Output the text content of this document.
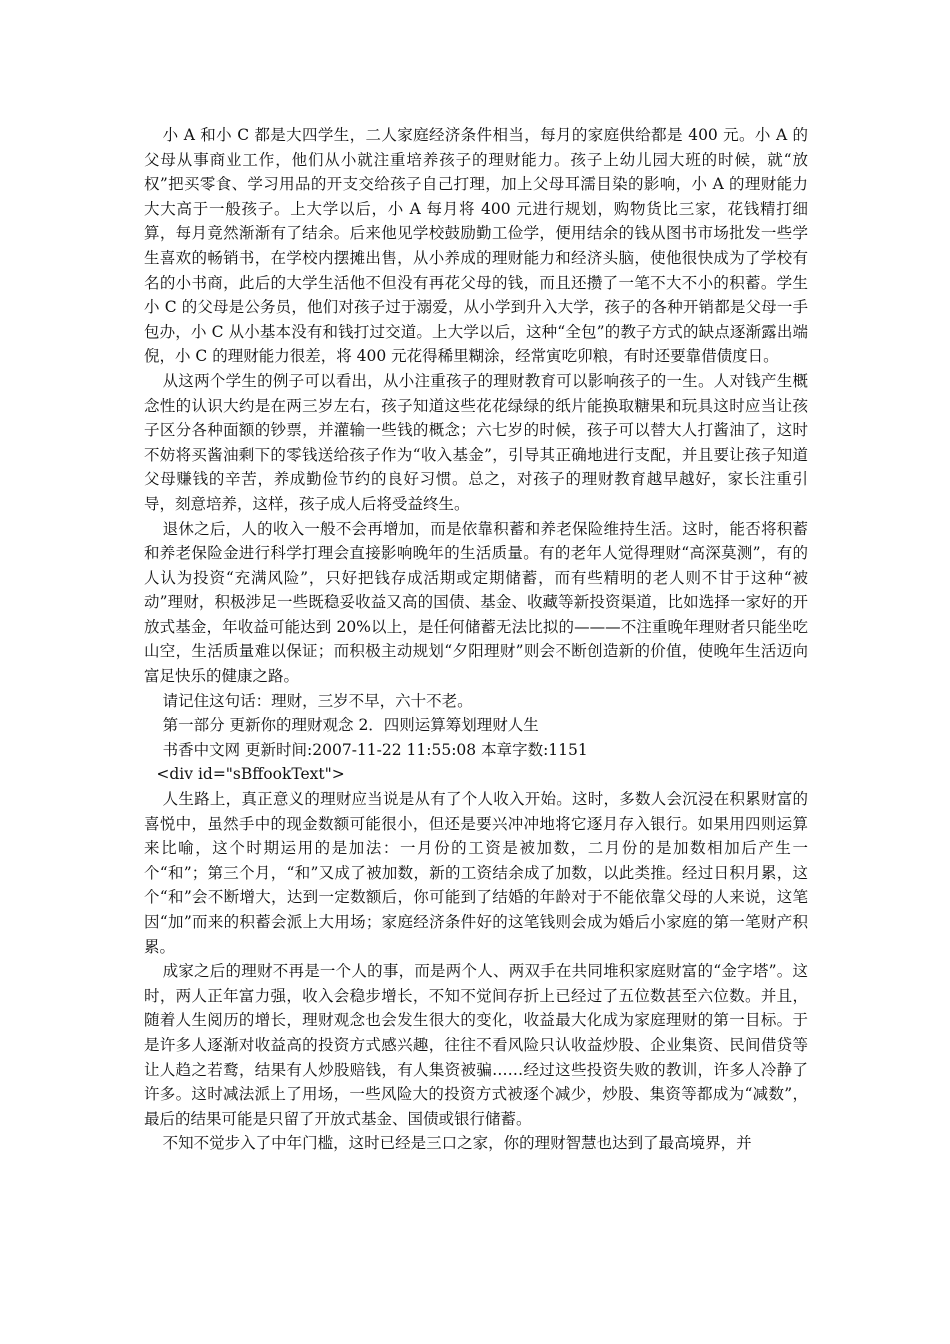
小 A 和小 C 都是大四学生，二人家庭经济条件相当，每月的家庭供给都是 400 元。小 A 的父母从事商业工作，他们从小就注重培养孩子的理财能力。孩子上幼儿园大班的时候，就“放权”把买零食、学习用品的开支交给孩子自己打理，加上父母耳濡目染的影响，小 A 的理财能力大大高于一般孩子。上大学以后，小 A 每月将 400 元进行规划，购物货比三家，花钱精打细算，每月竟然渐渐有了结余。后来他见学校鼓励勤工俭学，便用结余的钱从图书市场批发一些学生喜欢的畅销书，在学校内摆摊出售，从小养成的理财能力和经济头脑，使他很快成为了学校有名的小书商，此后的大学生活他不但没有再花父母的钱，而且还攒了一笔不大不小的积蓄。学生小 C 的父母是公务员，他们对孩子过于溺爱，从小学到升入大学，孩子的各种开销都是父母一手包办，小 C 从小基本没有和钱打过交道。上大学以后，这种“全包”的教子方式的缺点逐渐露出端倪，小 C 的理财能力很差，将 400 元花得稀里糊涂，经常寅吃卯粮，有时还要靠借债度日。

从这两个学生的例子可以看出，从小注重孩子的理财教育可以影响孩子的一生。人对钱产生概念性的认识大约是在两三岁左右，孩子知道这些花花绿绿的纸片能换取糖果和玩具这时应当让孩子区分各种面额的钞票，并灌输一些钱的概念；六七岁的时候，孩子可以替大人打酱油了，这时不妨将买酱油剩下的零钱送给孩子作为“收入基金”，引导其正确地进行支配，并且要让孩子知道父母赚钱的辛苦，养成勤俭节约的良好习惯。总之，对孩子的理财教育越早越好，家长注重引导，刻意培养，这样，孩子成人后将受益终生。

退休之后，人的收入一般不会再增加，而是依靠积蓄和养老保险维持生活。这时，能否将积蓄和养老保险金进行科学打理会直接影响晚年的生活质量。有的老年人觉得理财“高深莫测”，有的人认为投资“充满风险”，只好把钱存成活期或定期储蓄，而有些精明的老人则不甘于这种“被动”理财，积极涉足一些既稳妥收益又高的国债、基金、收藏等新投资渠道，比如选择一家好的开放式基金，年收益可能达到 20%以上，是任何储蓄无法比拟的———不注重晚年理财者只能坐吃山空，生活质量难以保证；而积极主动规划“夕阳理财”则会不断创造新的价值，使晚年生活迈向富足快乐的健康之路。

请记住这句话：理财，三岁不早，六十不老。

第一部分 更新你的理财观念 2．四则运算筹划理财人生

书香中文网 更新时间:2007-11-22 11:55:08 本章字数:1151

<div id="sBffookText">

人生路上，真正意义的理财应当说是从有了个人收入开始。这时，多数人会沉浸在积累财富的喜悦中，虽然手中的现金数额可能很小，但还是要兴冲冲地将它逐月存入银行。如果用四则运算来比喻，这个时期运用的是加法：一月份的工资是被加数，二月份的是加数相加后产生一个“和”；第三个月，“和”又成了被加数，新的工资结余成了加数，以此类推。经过日积月累，这个“和”会不断增大，达到一定数额后，你可能到了结婚的年龄对于不能依靠父母的人来说，这笔因“加”而来的积蓄会派上大用场；家庭经济条件好的这笔钱则会成为婚后小家庭的第一笔财产积累。

成家之后的理财不再是一个人的事，而是两个人、两双手在共同堆积家庭财富的“金字塔”。这时，两人正年富力强，收入会稳步增长，不知不觉间存折上已经过了五位数甚至六位数。并且，随着人生阅历的增长，理财观念也会发生很大的变化，收益最大化成为家庭理财的第一目标。于是许多人逐渐对收益高的投资方式感兴趣，往往不看风险只认收益炒股、企业集资、民间借贷等让人趋之若鹜，结果有人炒股赔钱，有人集资被骗……经过这些投资失败的教训，许多人冷静了许多。这时减法派上了用场，一些风险大的投资方式被逐个减少，炒股、集资等都成为“减数”，最后的结果可能是只留了开放式基金、国债或银行储蓄。

不知不觉步入了中年门槛，这时已经是三口之家，你的理财智慧也达到了最高境界，并
